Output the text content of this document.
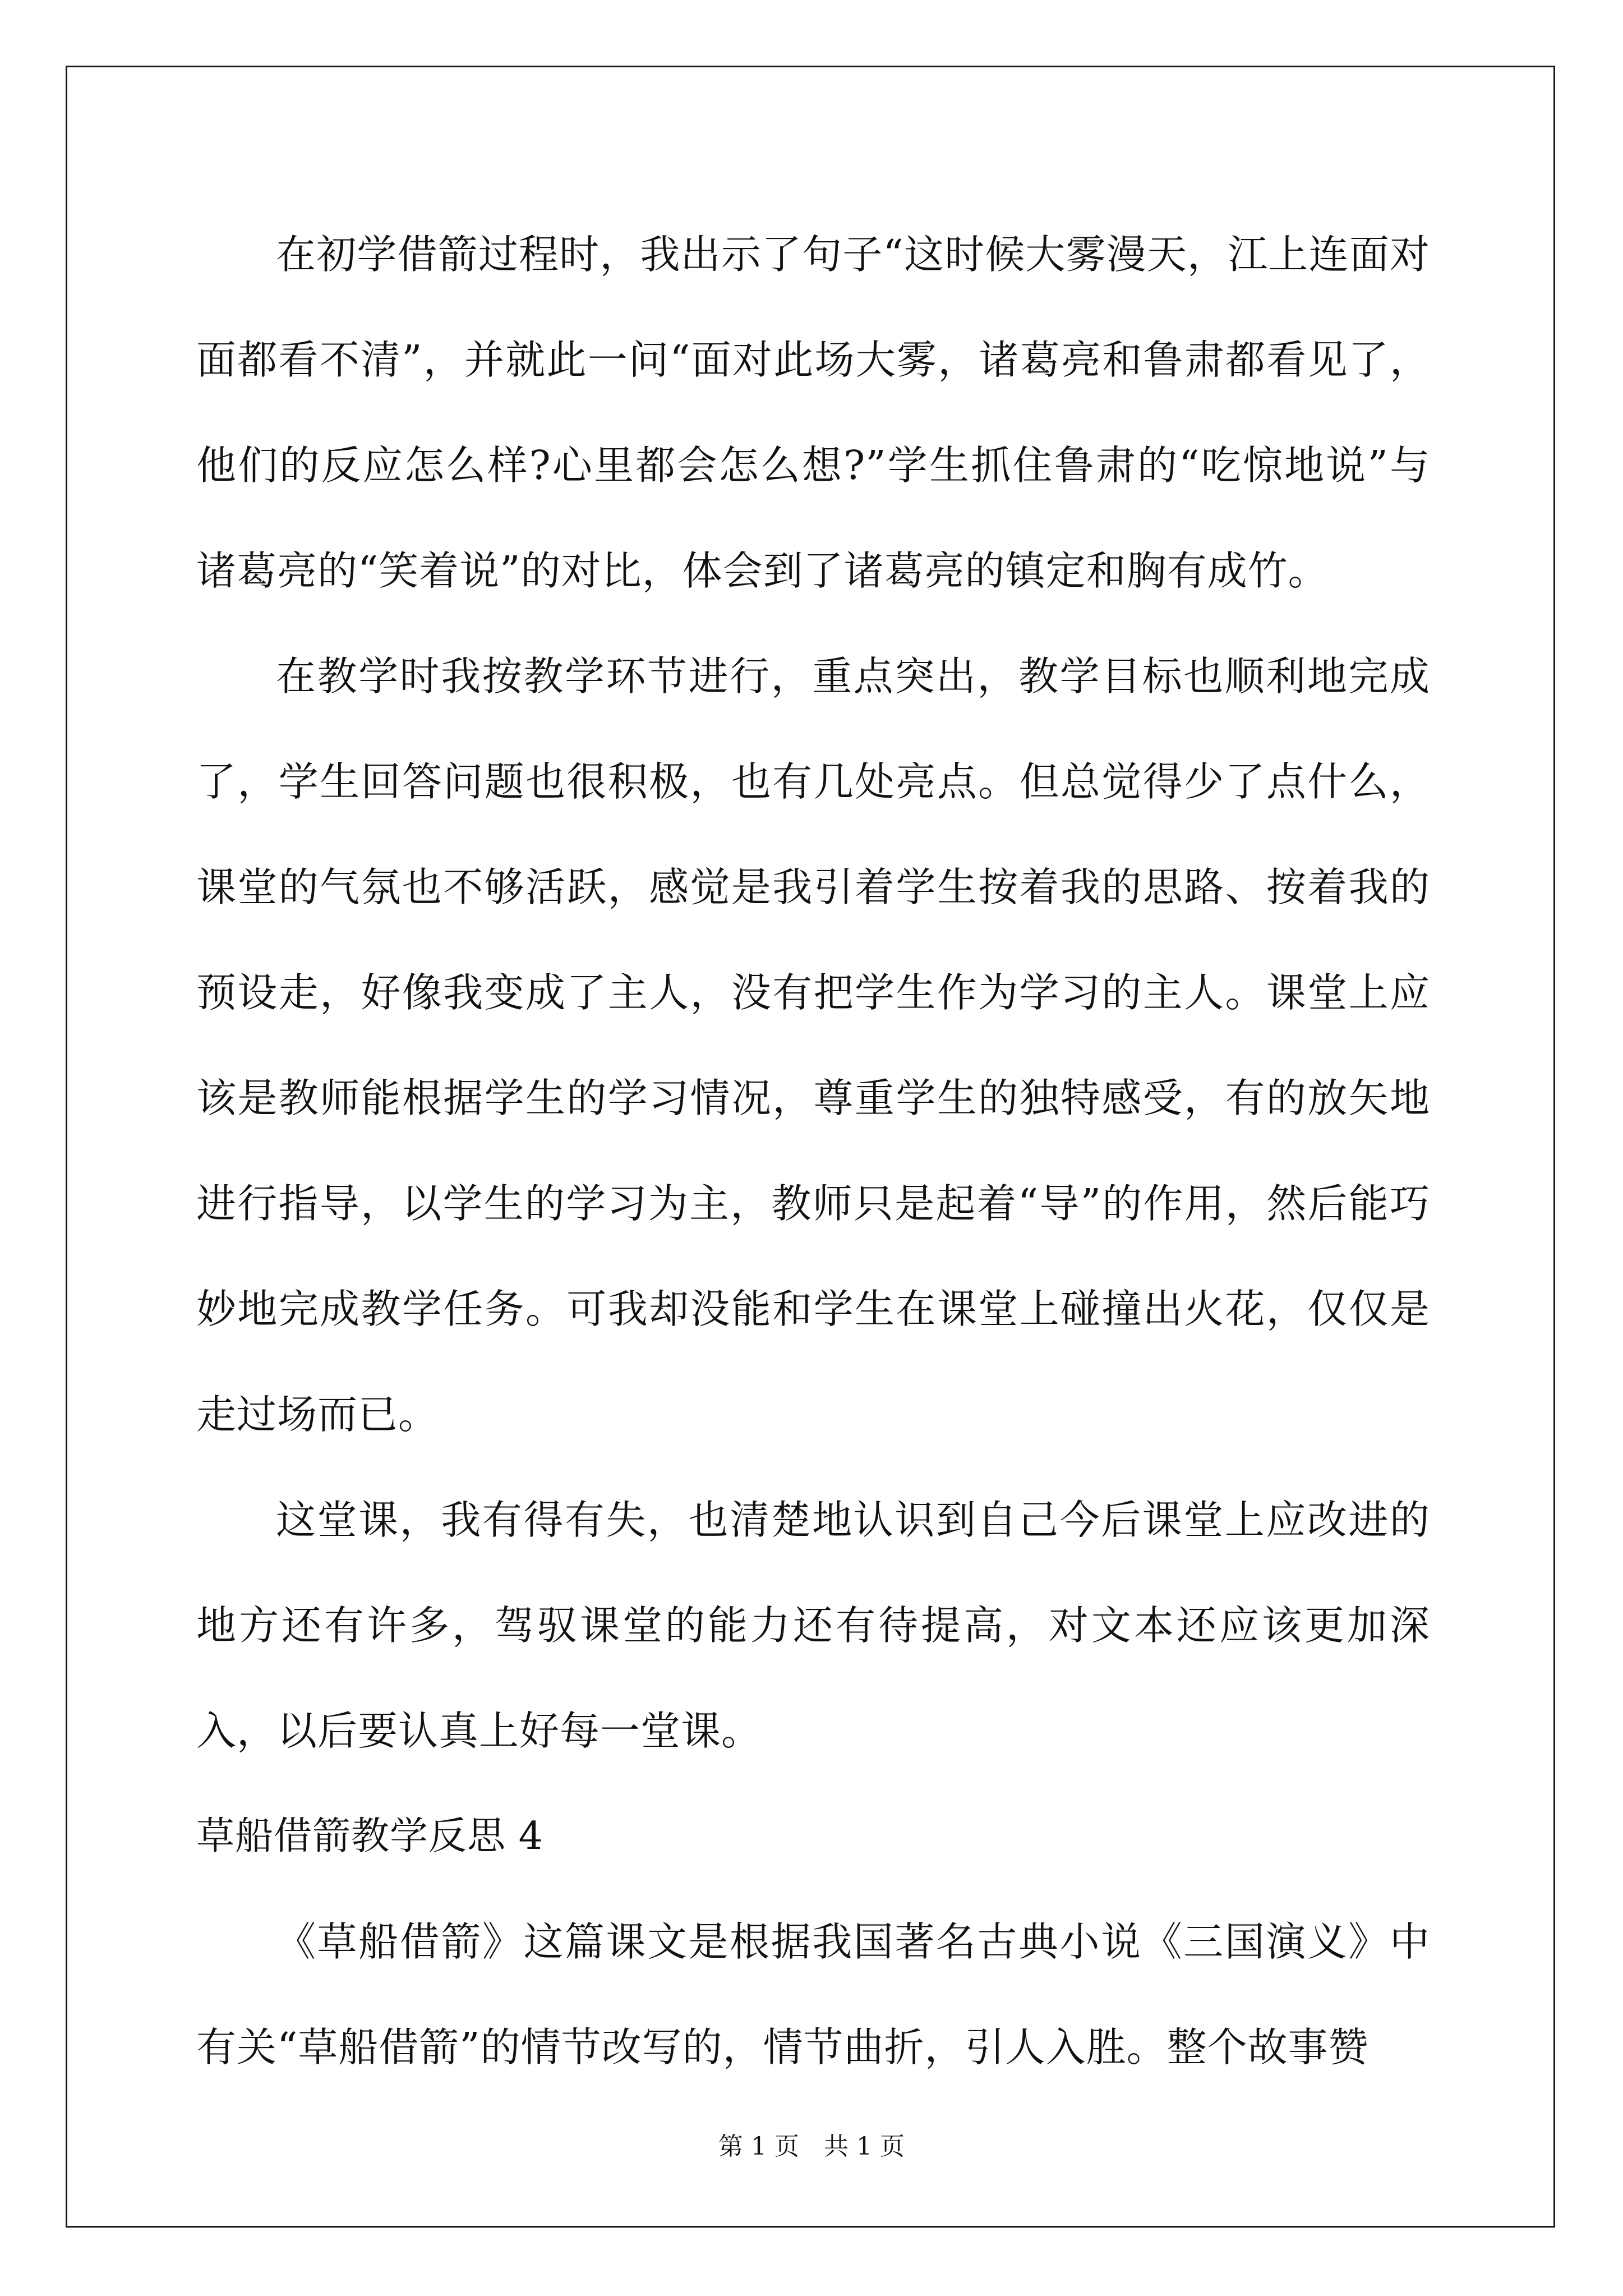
在初学借箭过程时，我出示了句子“这时候大雾漫天，江上连面对面都看不清”，并就此一问“面对此场大雾，诸葛亮和鲁肃都看见了，他们的反应怎么样?心里都会怎么想?”学生抓住鲁肃的“吃惊地说”与诸葛亮的“笑着说”的对比，体会到了诸葛亮的镇定和胸有成竹。

在教学时我按教学环节进行，重点突出，教学目标也顺利地完成了，学生回答问题也很积极，也有几处亮点。但总觉得少了点什么，课堂的气氛也不够活跃，感觉是我引着学生按着我的思路、按着我的预设走，好像我变成了主人，没有把学生作为学习的主人。课堂上应该是教师能根据学生的学习情况，尊重学生的独特感受，有的放矢地进行指导，以学生的学习为主，教师只是起着“导”的作用，然后能巧妙地完成教学任务。可我却没能和学生在课堂上碰撞出火花，仅仅是走过场而已。

这堂课，我有得有失，也清楚地认识到自己今后课堂上应改进的地方还有许多，驾驭课堂的能力还有待提高，对文本还应该更加深入，以后要认真上好每一堂课。

草船借箭教学反思 4

《草船借箭》这篇课文是根据我国著名古典小说《三国演义》中有关“草船借箭”的情节改写的，情节曲折，引人入胜。整个故事赞

第 1 页　共 1 页
